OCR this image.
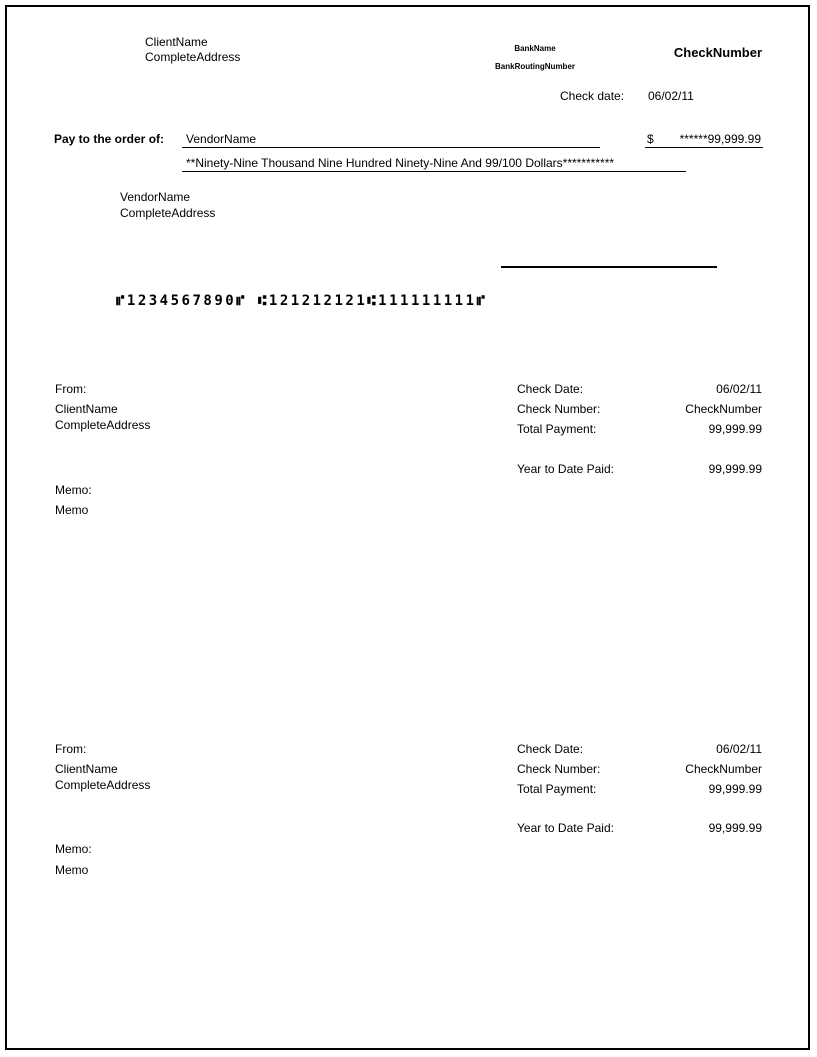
ClientName
CompleteAddress
BankName
BankRoutingNumber
CheckNumber
Check date: 06/02/11
Pay to the order of:	VendorName	$ ******99,999.99
**Ninety-Nine Thousand Nine Hundred Ninety-Nine And 99/100 Dollars***********
VendorName
CompleteAddress
⑈1234567890⑈ ⑆121212121⑆111111111⑈
From:
ClientName
CompleteAddress
Check Date:	06/02/11
Check Number:	CheckNumber
Total Payment:	99,999.99
Year to Date Paid:	99,999.99
Memo:
Memo
From:
ClientName
CompleteAddress
Check Date:	06/02/11
Check Number:	CheckNumber
Total Payment:	99,999.99
Year to Date Paid:	99,999.99
Memo:
Memo
